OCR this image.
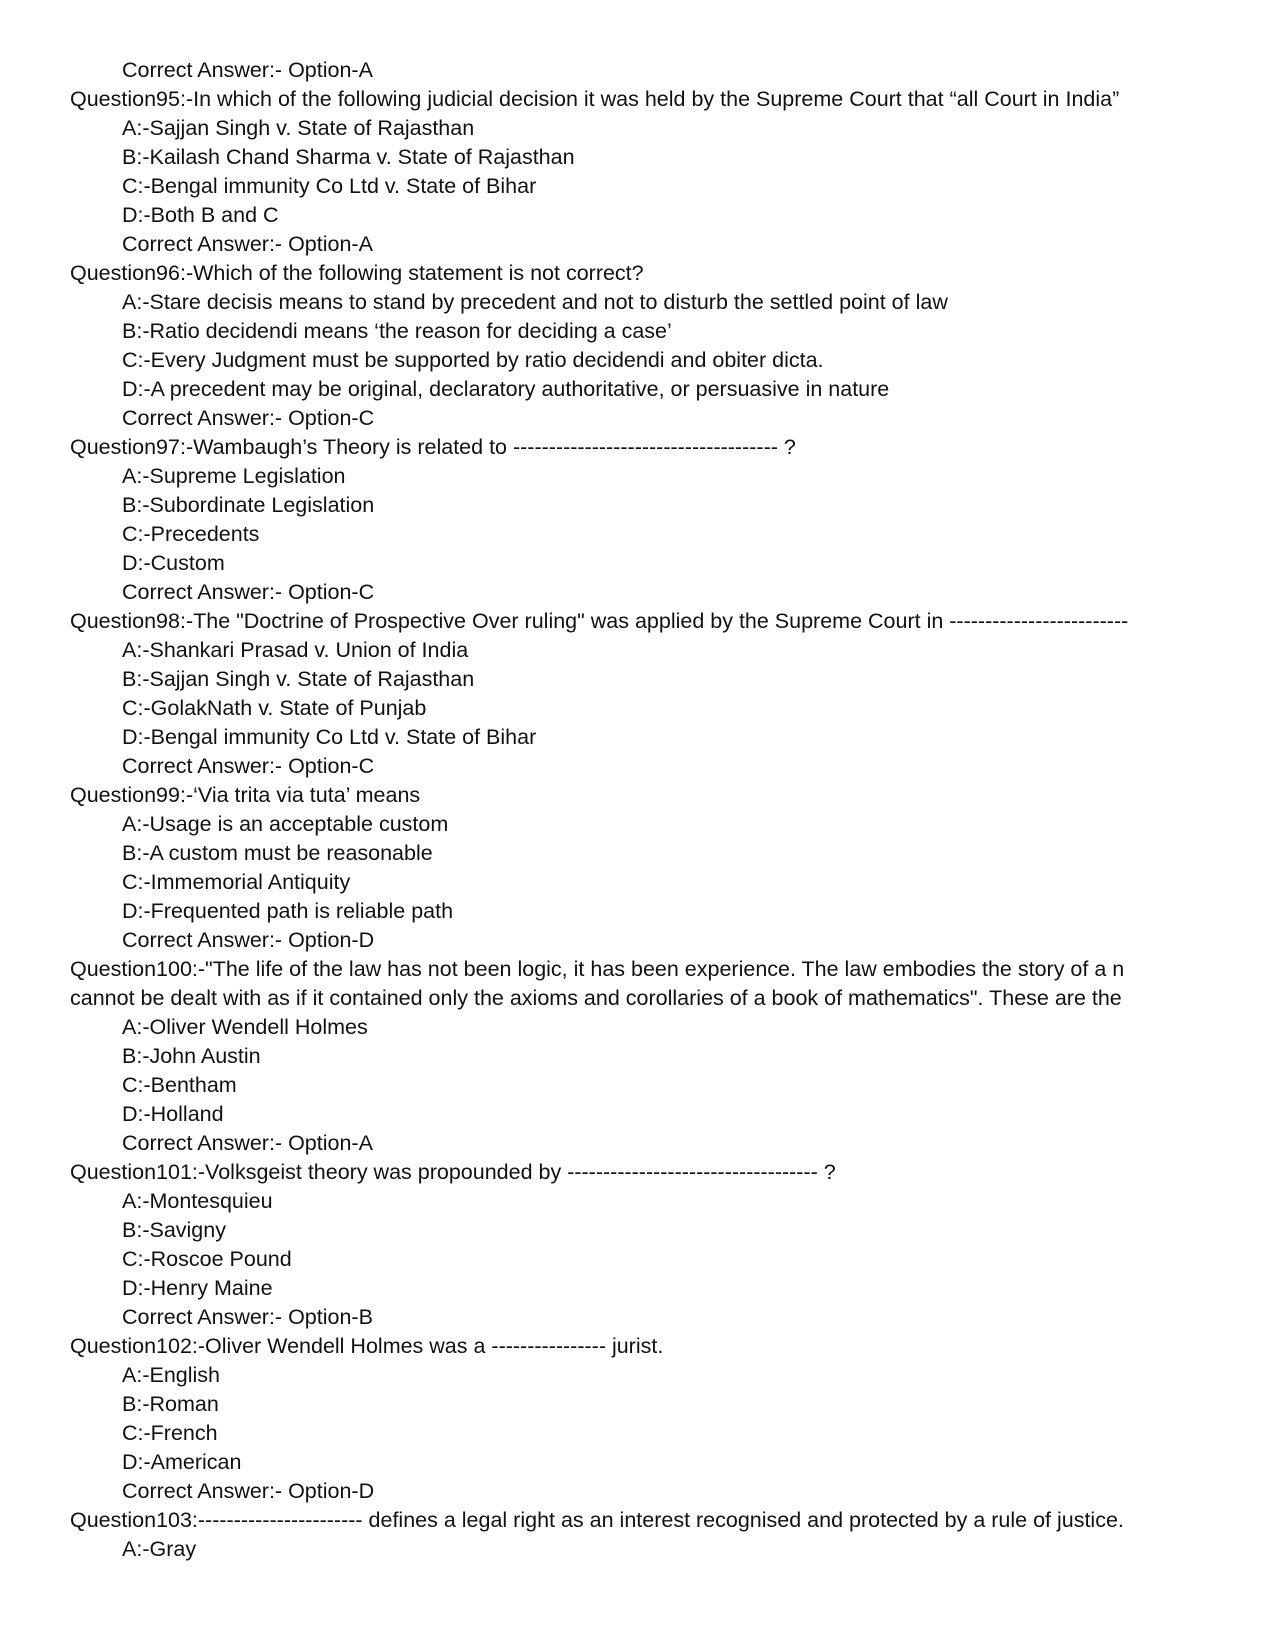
Correct Answer:- Option-A
Question95:-In which of the following judicial decision it was held by the Supreme Court that “all Court in India”
A:-Sajjan Singh v. State of Rajasthan
B:-Kailash Chand Sharma v. State of Rajasthan
C:-Bengal immunity Co Ltd v. State of Bihar
D:-Both B and C
Correct Answer:- Option-A
Question96:-Which of the following statement is not correct?
A:-Stare decisis means to stand by precedent and not to disturb the settled point of law
B:-Ratio decidendi means ‘the reason for deciding a case’
C:-Every Judgment must be supported by ratio decidendi and obiter dicta.
D:-A precedent may be original, declaratory authoritative, or persuasive in nature
Correct Answer:- Option-C
Question97:-Wambaugh’s Theory is related to ------------------------------------- ?
A:-Supreme Legislation
B:-Subordinate Legislation
C:-Precedents
D:-Custom
Correct Answer:- Option-C
Question98:-The "Doctrine of Prospective Over ruling" was applied by the Supreme Court in -------------------------
A:-Shankari Prasad v. Union of India
B:-Sajjan Singh v. State of Rajasthan
C:-GolakNath v. State of Punjab
D:-Bengal immunity Co Ltd v. State of Bihar
Correct Answer:- Option-C
Question99:-‘Via trita via tuta’ means
A:-Usage is an acceptable custom
B:-A custom must be reasonable
C:-Immemorial Antiquity
D:-Frequented path is reliable path
Correct Answer:- Option-D
Question100:-"The life of the law has not been logic, it has been experience. The law embodies the story of a n
cannot be dealt with as if it contained only the axioms and corollaries of a book of mathematics". These are the
A:-Oliver Wendell Holmes
B:-John Austin
C:-Bentham
D:-Holland
Correct Answer:- Option-A
Question101:-Volksgeist theory was propounded by ----------------------------------- ?
A:-Montesquieu
B:-Savigny
C:-Roscoe Pound
D:-Henry Maine
Correct Answer:- Option-B
Question102:-Oliver Wendell Holmes was a ---------------- jurist.
A:-English
B:-Roman
C:-French
D:-American
Correct Answer:- Option-D
Question103:----------------------- defines a legal right as an interest recognised and protected by a rule of justice.
A:-Gray
